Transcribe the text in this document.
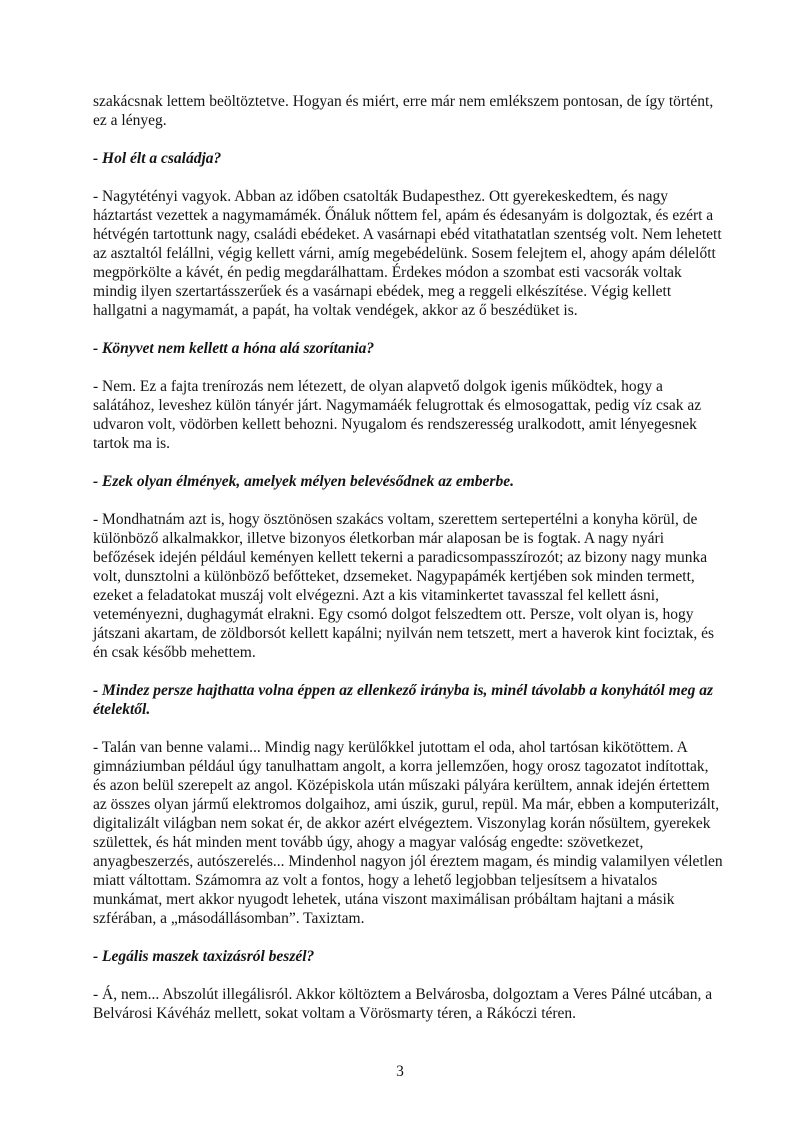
szakácsnak lettem beöltöztetve. Hogyan és miért, erre már nem emlékszem pontosan, de így történt, ez a lényeg.

- Hol élt a családja?

- Nagytétényi vagyok. Abban az időben csatolták Budapesthez. Ott gyerekeskedtem, és nagy háztartást vezettek a nagymamámék. Őnáluk nőttem fel, apám és édesanyám is dolgoztak, és ezért a hétvégén tartottunk nagy, családi ebédeket. A vasárnapi ebéd vitathatatlan szentség volt. Nem lehetett az asztaltól felállni, végig kellett várni, amíg megebédelünk. Sosem felejtem el, ahogy apám délelőtt megpörkölte a kávét, én pedig megdarálhattam. Érdekes módon a szombat esti vacsorák voltak mindig ilyen szertartásszerűek és a vasárnapi ebédek, meg a reggeli elkészítése. Végig kellett hallgatni a nagymamát, a papát, ha voltak vendégek, akkor az ő beszédüket is.

- Könyvet nem kellett a hóna alá szorítania?

- Nem. Ez a fajta trenírozás nem létezett, de olyan alapvető dolgok igenis működtek, hogy a salátához, leveshez külön tányér járt. Nagymamáék felugrottak és elmosogattak, pedig víz csak az udvaron volt, vödörben kellett behozni. Nyugalom és rendszeresség uralkodott, amit lényegesnek tartok ma is.

- Ezek olyan élmények, amelyek mélyen belevésődnek az emberbe.

- Mondhatnám azt is, hogy ösztönösen szakács voltam, szerettem sertepertélni a konyha körül, de különböző alkalmakkor, illetve bizonyos életkorban már alaposan be is fogtak. A nagy nyári befőzések idején például keményen kellett tekerni a paradicsompasszírozót; az bizony nagy munka volt, dunsztolni a különböző befőtteket, dzsemeket. Nagypapámék kertjében sok minden termett, ezeket a feladatokat muszáj volt elvégezni. Azt a kis vitaminkertet tavasszal fel kellett ásni, veteményezni, dughagymát elrakni. Egy csomó dolgot felszedtem ott. Persze, volt olyan is, hogy játszani akartam, de zöldborsót kellett kapálni; nyilván nem tetszett, mert a haverok kint fociztak, és én csak később mehettem.

- Mindez persze hajthatta volna éppen az ellenkező irányba is, minél távolabb a konyhától meg az ételektől.

- Talán van benne valami... Mindig nagy kerülőkkel jutottam el oda, ahol tartósan kikötöttem. A gimnáziumban például úgy tanulhattam angolt, a korra jellemzően, hogy orosz tagozatot indítottak, és azon belül szerepelt az angol. Középiskola után műszaki pályára kerültem, annak idején értettem az összes olyan jármű elektromos dolgaihoz, ami úszik, gurul, repül. Ma már, ebben a komputerizált, digitalizált világban nem sokat ér, de akkor azért elvégeztem. Viszonylag korán nősültem, gyerekek születtek, és hát minden ment tovább úgy, ahogy a magyar valóság engedte: szövetkezet, anyagbeszerzés, autószerelés... Mindenhol nagyon jól éreztem magam, és mindig valamilyen véletlen miatt váltottam. Számomra az volt a fontos, hogy a lehető legjobban teljesítsem a hivatalos munkámat, mert akkor nyugodt lehetek, utána viszont maximálisan próbáltam hajtani a másik szférában, a „másodállásomban”. Taxiztam.

- Legális maszek taxizásról beszél?

- Á, nem... Abszolút illegálisról. Akkor költöztem a Belvárosba, dolgoztam a Veres Pálné utcában, a Belvárosi Kávéház mellett, sokat voltam a Vörösmarty téren, a Rákóczi téren.

3
